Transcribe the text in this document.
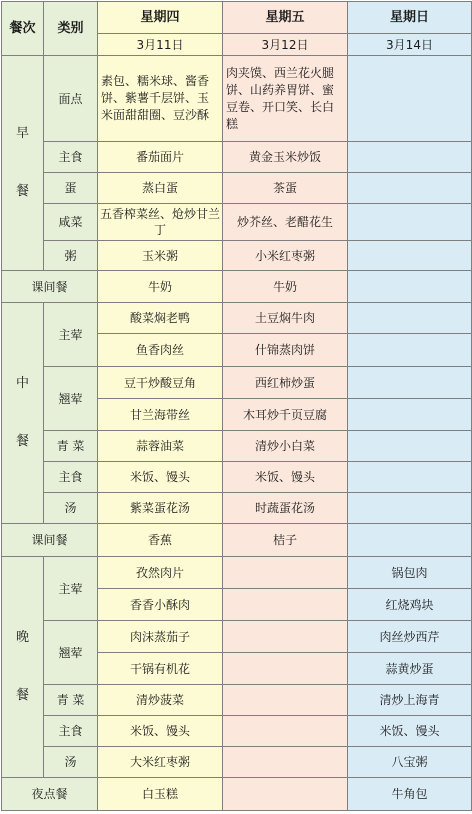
餐次	类别	星期四	星期五	星期日
		3月11日	3月12日	3月14日
早

餐	面点	素包、糯米球、酱香饼、紫薯千层饼、玉米面甜甜圈、豆沙酥	肉夹馍、西兰花火腿饼、山药养胃饼、蜜豆卷、开口笑、长白糕	
	主食	番茄面片	黄金玉米炒饭	
	蛋	蒸白蛋	茶蛋	
	咸菜	五香榨菜丝、炝炒甘兰丁	炒芥丝、老醋花生	
	粥	玉米粥	小米红枣粥	
课间餐		牛奶	牛奶	
中

餐	主荤	酸菜焖老鸭	土豆焖牛肉	
		鱼香肉丝	什锦蒸肉饼	
	翘荤	豆干炒酸豆角	西红柿炒蛋	
		甘兰海带丝	木耳炒千页豆腐	
	青 菜	蒜蓉油菜	清炒小白菜	
	主食	米饭、馒头	米饭、馒头	
	汤	紫菜蛋花汤	时蔬蛋花汤	
课间餐		香蕉	桔子	
晚

餐	主荤	孜然肉片		锅包肉
		香香小酥肉		红烧鸡块
	翘荤	肉沫蒸茄子		肉丝炒西芹
		干锅有机花		蒜黄炒蛋
	青 菜	清炒菠菜		清炒上海青
	主食	米饭、馒头		米饭、馒头
	汤	大米红枣粥		八宝粥
夜点餐		白玉糕		牛角包
